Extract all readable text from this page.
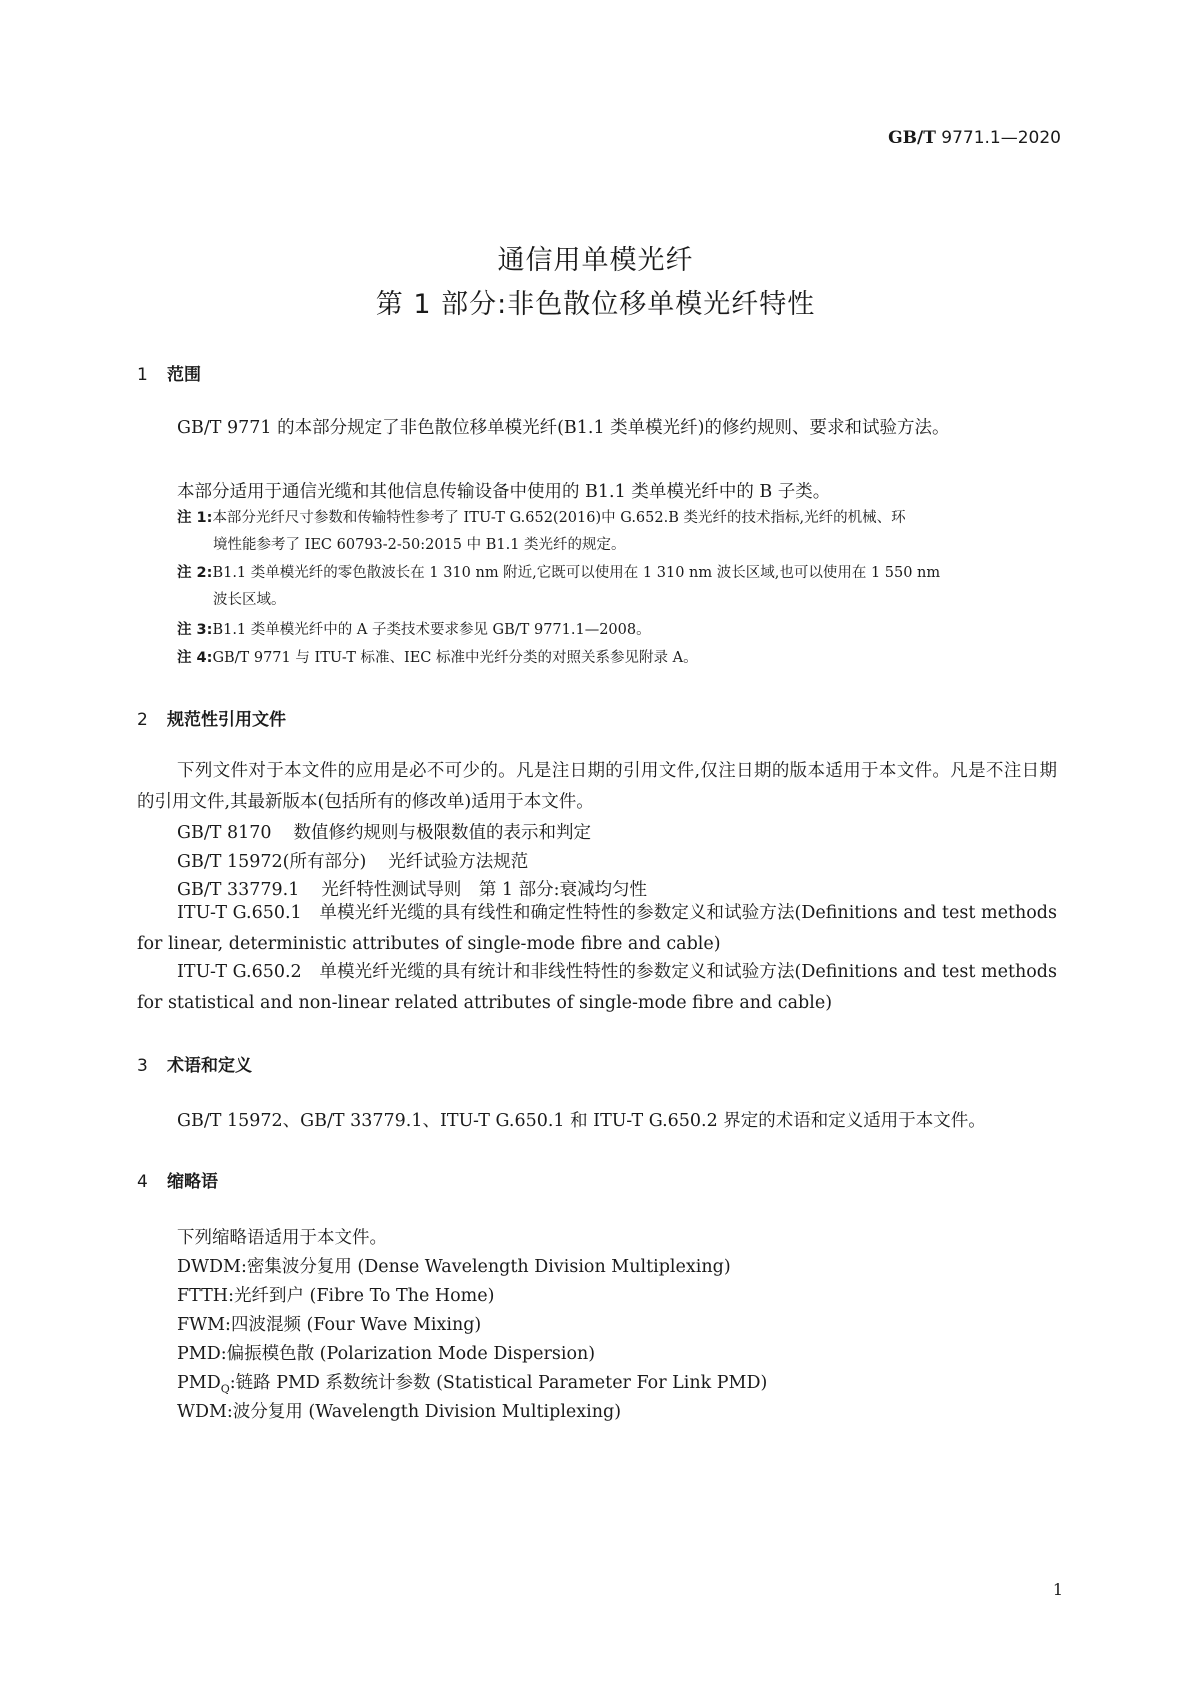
GB/T 9771.1—2020
通信用单模光纤
第 1 部分:非色散位移单模光纤特性
1 范围
GB/T 9771 的本部分规定了非色散位移单模光纤(B1.1 类单模光纤)的修约规则、要求和试验方法。
本部分适用于通信光缆和其他信息传输设备中使用的 B1.1 类单模光纤中的 B 子类。
注 1:本部分光纤尺寸参数和传输特性参考了 ITU-T G.652(2016)中 G.652.B 类光纤的技术指标,光纤的机械、环
境性能参考了 IEC 60793-2-50:2015 中 B1.1 类光纤的规定。
注 2:B1.1 类单模光纤的零色散波长在 1 310 nm 附近,它既可以使用在 1 310 nm 波长区域,也可以使用在 1 550 nm
波长区域。
注 3:B1.1 类单模光纤中的 A 子类技术要求参见 GB/T 9771.1—2008。
注 4:GB/T 9771 与 ITU-T 标准、IEC 标准中光纤分类的对照关系参见附录 A。
2 规范性引用文件
下列文件对于本文件的应用是必不可少的。凡是注日期的引用文件,仅注日期的版本适用于本文件。凡是不注日期的引用文件,其最新版本(包括所有的修改单)适用于本文件。
GB/T 8170 数值修约规则与极限数值的表示和判定
GB/T 15972(所有部分) 光纤试验方法规范
GB/T 33779.1 光纤特性测试导则　第 1 部分:衰减均匀性
ITU-T G.650.1　单模光纤光缆的具有线性和确定性特性的参数定义和试验方法(Definitions and test methods for linear, deterministic attributes of single-mode fibre and cable)
ITU-T G.650.2　单模光纤光缆的具有统计和非线性特性的参数定义和试验方法(Definitions and test methods for statistical and non-linear related attributes of single-mode fibre and cable)
3 术语和定义
GB/T 15972、GB/T 33779.1、ITU-T G.650.1 和 ITU-T G.650.2 界定的术语和定义适用于本文件。
4 缩略语
下列缩略语适用于本文件。
DWDM:密集波分复用 (Dense Wavelength Division Multiplexing)
FTTH:光纤到户 (Fibre To The Home)
FWM:四波混频 (Four Wave Mixing)
PMD:偏振模色散 (Polarization Mode Dispersion)
$PMD_Q$:链路 PMD 系数统计参数 (Statistical Parameter For Link PMD)
WDM:波分复用 (Wavelength Division Multiplexing)
1
